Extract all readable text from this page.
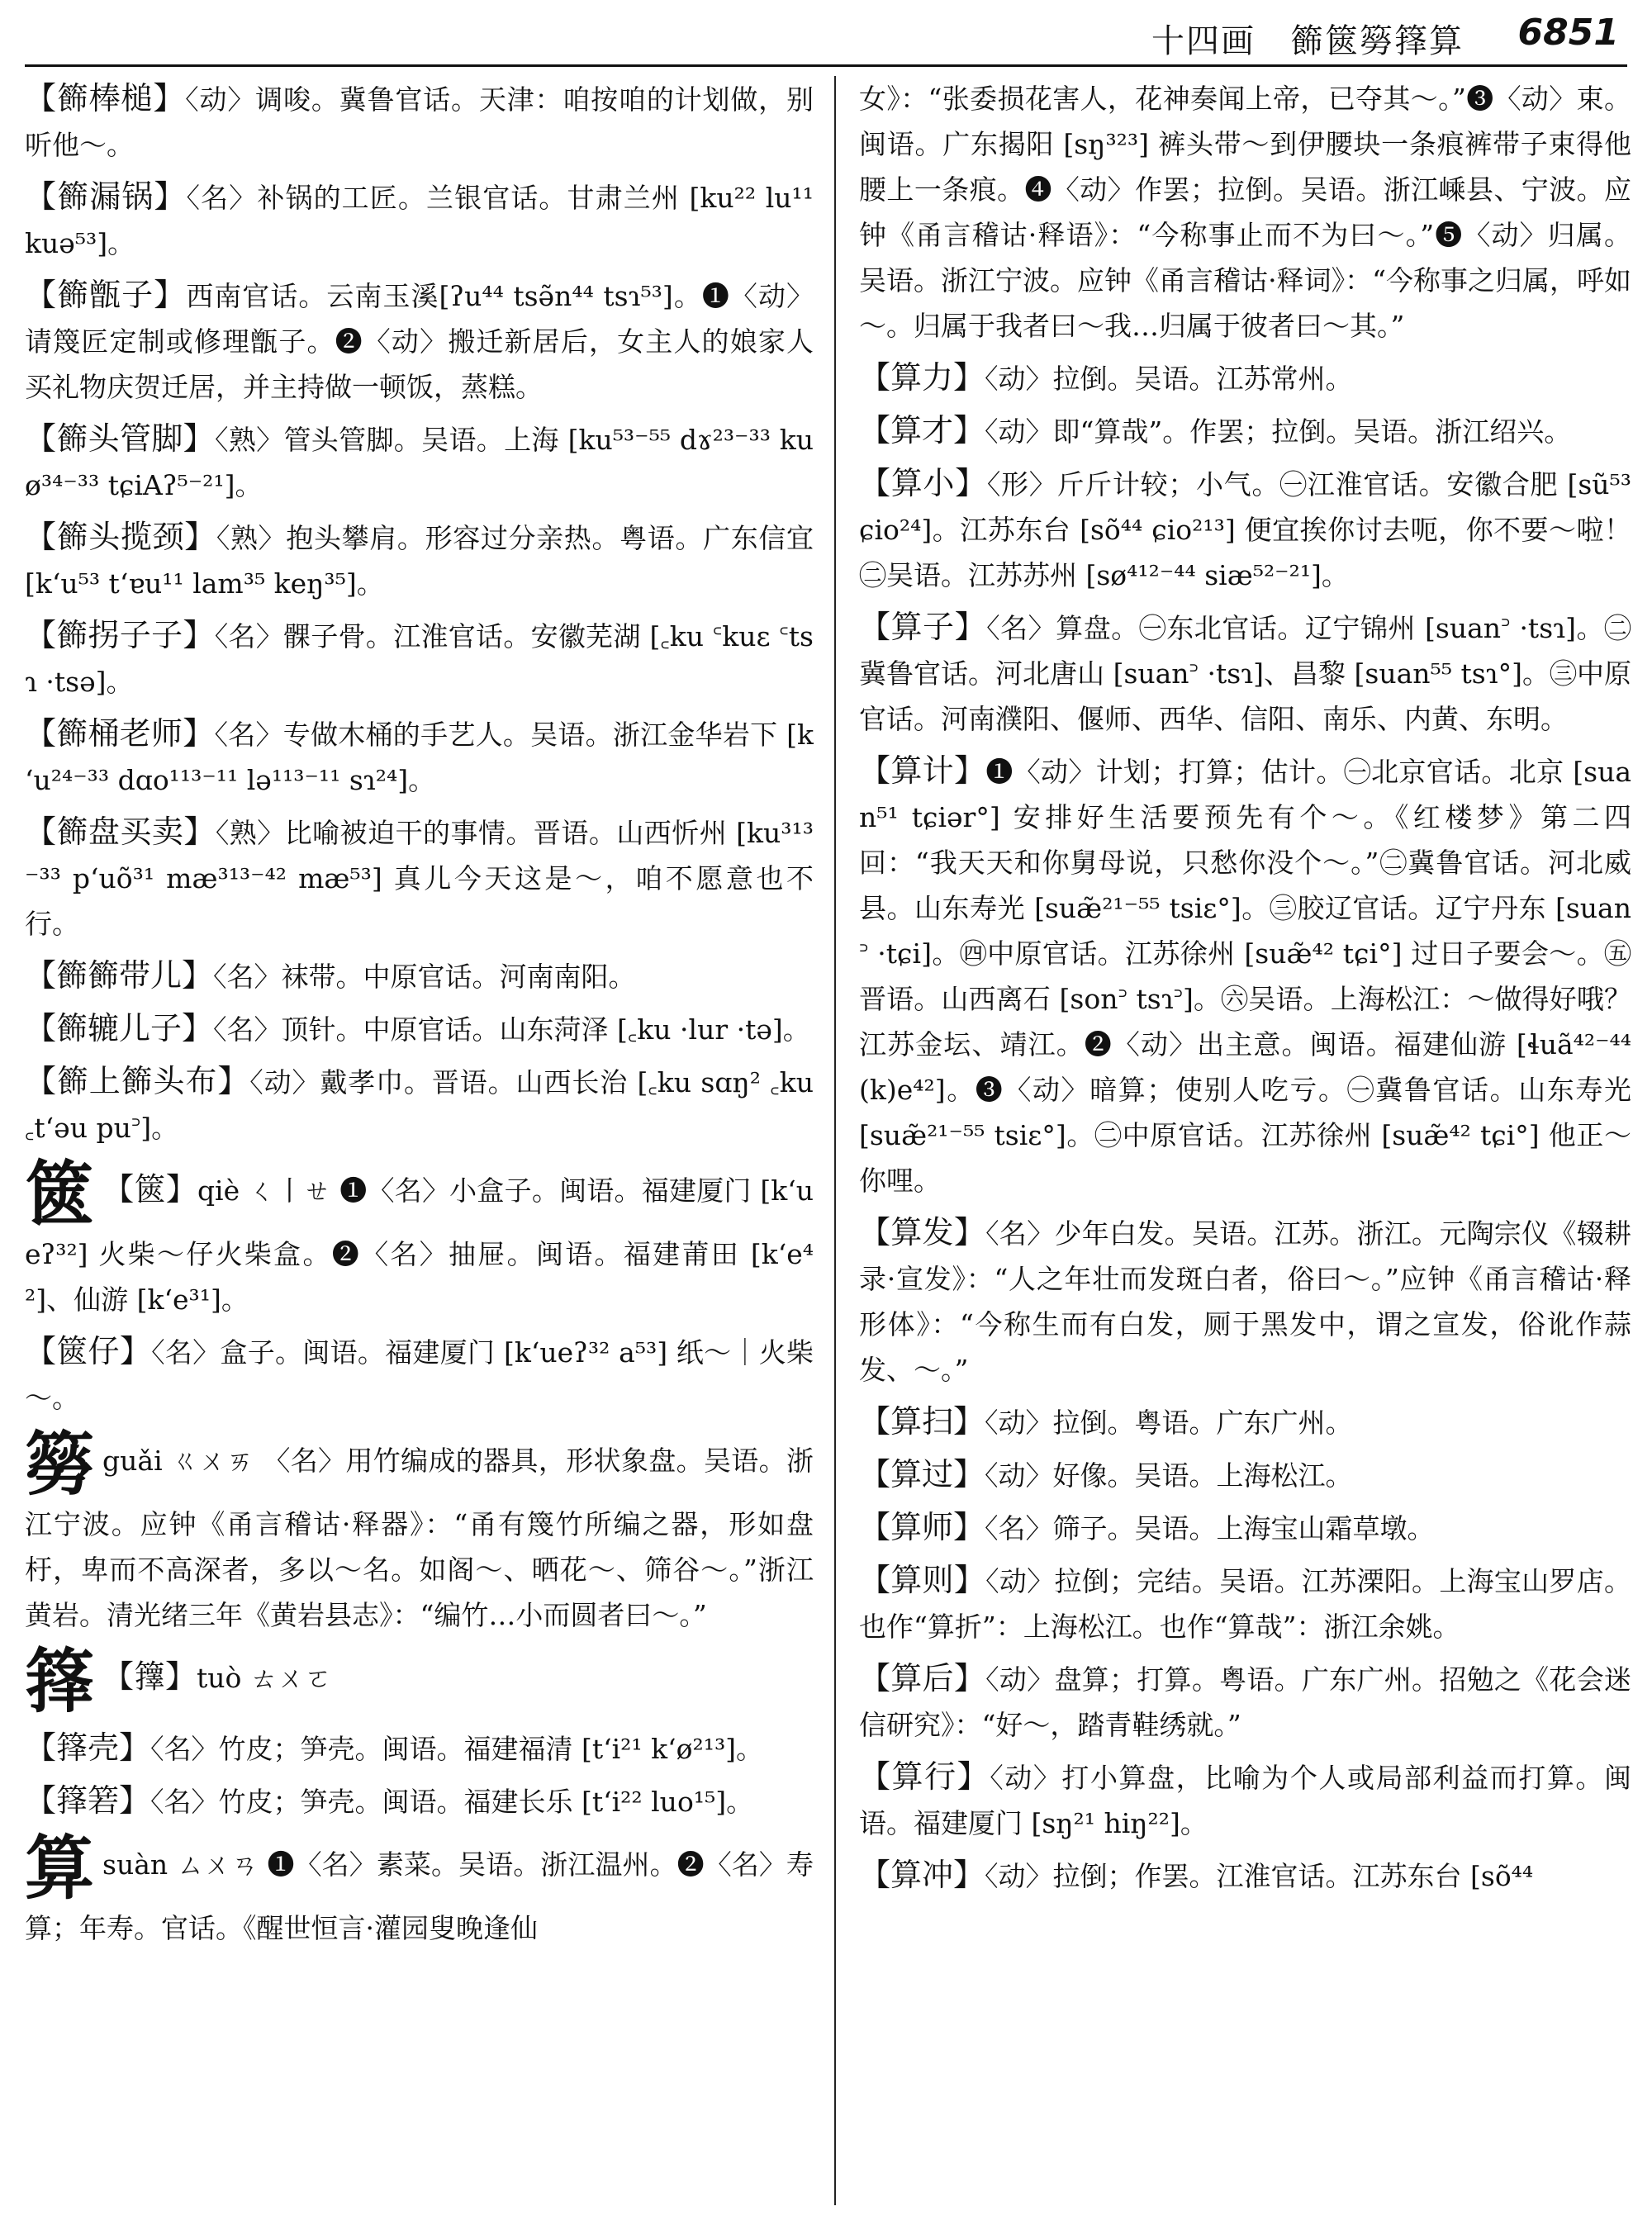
十四画　籂篋簩箨算 6851
【籂棒槌】〈动〉调唆。冀鲁官话。天津：咱按咱的计划做，别听他～。
【籂漏锅】〈名〉补锅的工匠。兰银官话。甘肃兰州 [ku²² lu¹¹ kuə⁵³]。
【籂甑子】西南官话。云南玉溪[ʔu⁴⁴ tsə̃n⁴⁴ tsɿ⁵³]。❶〈动〉请篾匠定制或修理甑子。❷〈动〉搬迁新居后，女主人的娘家人买礼物庆贺迁居，并主持做一顿饭，蒸糕。
【籂头管脚】〈熟〉管头管脚。吴语。上海 [ku⁵³⁻⁵⁵ dɤ²³⁻³³ kuø³⁴⁻³³ tɕiAʔ⁵⁻²¹]。
【籂头揽颈】〈熟〉抱头攀肩。形容过分亲热。粤语。广东信宜 [kʻu⁵³ tʻɐu¹¹ lam³⁵ keŋ³⁵]。
【籂拐子子】〈名〉髁子骨。江淮官话。安徽芜湖 [꜀ku ꜂kuɛ ꜂tsɿ ·tsə]。
【籂桶老师】〈名〉专做木桶的手艺人。吴语。浙江金华岩下 [kʻu²⁴⁻³³ dɑo¹¹³⁻¹¹ lə¹¹³⁻¹¹ sɿ²⁴]。
【籂盘买卖】〈熟〉比喻被迫干的事情。晋语。山西忻州 [ku³¹³⁻³³ pʻuõ³¹ mæ³¹³⁻⁴² mæ⁵³] 真儿今天这是～，咱不愿意也不行。
【籂籂带儿】〈名〉袜带。中原官话。河南南阳。
【籂辘儿子】〈名〉顶针。中原官话。山东菏泽 [꜀ku ·lur ·tə]。
【籂上籂头布】〈动〉戴孝巾。晋语。山西长治 [꜀ku sɑŋ² ꜀ku ꜀tʻəu pu꜄]。
篋 【篋】qiè ㄑ丨ㄝ ❶〈名〉小盒子。闽语。福建厦门 [kʻueʔ³²] 火柴～仔火柴盒。❷〈名〉抽屉。闽语。福建莆田 [kʻe⁴²]、仙游 [kʻe³¹]。
【篋仔】〈名〉盒子。闽语。福建厦门 [kʻueʔ³² a⁵³] 纸～｜火柴～。
簩guǎi ㄍㄨㄞ 〈名〉用竹编成的器具，形状象盘。吴语。浙江宁波。应钟《甬言稽诂·释器》：“甬有篾竹所编之器，形如盘杅，卑而不高深者，多以～名。如阁～、晒花～、筛谷～。”浙江黄岩。清光绪三年《黄岩县志》：“编竹…小而圆者曰～。”
箨 【籜】tuò ㄊㄨㄛ
【箨壳】〈名〉竹皮；笋壳。闽语。福建福清 [tʻi²¹ kʻø²¹³]。
【箨箬】〈名〉竹皮；笋壳。闽语。福建长乐 [tʻi²² luo¹⁵]。
算suàn ㄙㄨㄢ ❶〈名〉素菜。吴语。浙江温州。❷〈名〉寿算；年寿。官话。《醒世恒言·灌园叟晚逢仙
女》：“张委损花害人，花神奏闻上帝，已夺其～。”❸〈动〉束。闽语。广东揭阳 [sŋ³²³] 裤头带～到伊腰块一条痕裤带子束得他腰上一条痕。❹〈动〉作罢；拉倒。吴语。浙江嵊县、宁波。应钟《甬言稽诂·释语》：“今称事止而不为曰～。”❺〈动〉归属。吴语。浙江宁波。应钟《甬言稽诂·释词》：“今称事之归属，呼如～。归属于我者曰～我…归属于彼者曰～其。”
【算力】〈动〉拉倒。吴语。江苏常州。
【算才】〈动〉即“算哉”。作罢；拉倒。吴语。浙江绍兴。
【算小】〈形〉斤斤计较；小气。㊀江淮官话。安徽合肥 [sũ⁵³ ɕio²⁴]。江苏东台 [sõ⁴⁴ ɕio²¹³] 便宜挨你讨去呃，你不要～啦！㊁吴语。江苏苏州 [sø⁴¹²⁻⁴⁴ siæ⁵²⁻²¹]。
【算子】〈名〉算盘。㊀东北官话。辽宁锦州 [suan꜄ ·tsɿ]。㊁冀鲁官话。河北唐山 [suan꜄ ·tsɿ]、昌黎 [suan⁵⁵ tsɿ°]。㊂中原官话。河南濮阳、偃师、西华、信阳、南乐、内黄、东明。
【算计】❶〈动〉计划；打算；估计。㊀北京官话。北京 [suan⁵¹ tɕiər°] 安排好生活要预先有个～。《红楼梦》第二四回：“我天天和你舅母说，只愁你没个～。”㊁冀鲁官话。河北威县。山东寿光 [suæ̃²¹⁻⁵⁵ tsiɛ°]。㊂胶辽官话。辽宁丹东 [suan꜄ ·tɕi]。㊃中原官话。江苏徐州 [suæ̃⁴² tɕi°] 过日子要会～。㊄晋语。山西离石 [son꜄ tsɿ꜄]。㊅吴语。上海松江：～做得好哦？江苏金坛、靖江。❷〈动〉出主意。闽语。福建仙游 [ɬuã⁴²⁻⁴⁴ (k)e⁴²]。❸〈动〉暗算；使别人吃亏。㊀冀鲁官话。山东寿光 [suæ̃²¹⁻⁵⁵ tsiɛ°]。㊁中原官话。江苏徐州 [suæ̃⁴² tɕi°] 他正～你哩。
【算发】〈名〉少年白发。吴语。江苏。浙江。元陶宗仪《辍耕录·宣发》：“人之年壮而发斑白者，俗曰～。”应钟《甬言稽诂·释形体》：“今称生而有白发，厕于黑发中，谓之宣发，俗讹作蒜发、～。”
【算扫】〈动〉拉倒。粤语。广东广州。
【算过】〈动〉好像。吴语。上海松江。
【算师】〈名〉筛子。吴语。上海宝山霜草墩。
【算则】〈动〉拉倒；完结。吴语。江苏溧阳。上海宝山罗店。也作“算折”：上海松江。也作“算哉”：浙江余姚。
【算后】〈动〉盘算；打算。粤语。广东广州。招勉之《花会迷信研究》：“好～，踏青鞋绣就。”
【算行】〈动〉打小算盘，比喻为个人或局部利益而打算。闽语。福建厦门 [sŋ²¹ hiŋ²²]。
【算冲】〈动〉拉倒；作罢。江淮官话。江苏东台 [sõ⁴⁴
